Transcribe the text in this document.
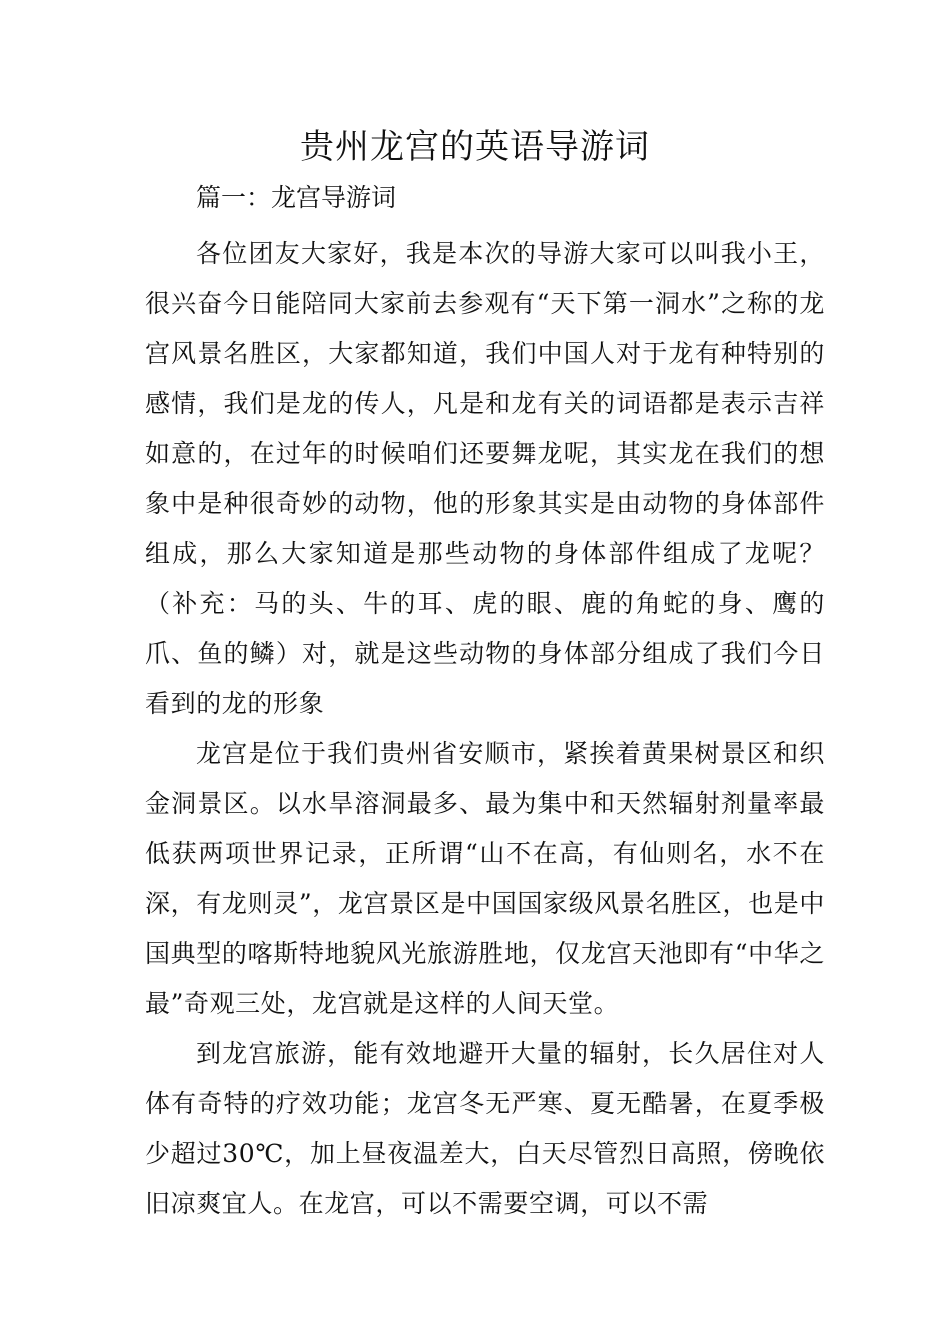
贵州龙宫的英语导游词
篇一：龙宫导游词

各位团友大家好，我是本次的导游大家可以叫我小王，很兴奋今日能陪同大家前去参观有“天下第一洞水”之称的龙宫风景名胜区，大家都知道，我们中国人对于龙有种特别的感情，我们是龙的传人，凡是和龙有关的词语都是表示吉祥如意的，在过年的时候咱们还要舞龙呢，其实龙在我们的想象中是种很奇妙的动物，他的形象其实是由动物的身体部件组成，那么大家知道是那些动物的身体部件组成了龙呢？（补充：马的头、牛的耳、虎的眼、鹿的角蛇的身、鹰的爪、鱼的鳞）对，就是这些动物的身体部分组成了我们今日看到的龙的形象

龙宫是位于我们贵州省安顺市，紧挨着黄果树景区和织金洞景区。以水旱溶洞最多、最为集中和天然辐射剂量率最低获两项世界记录，正所谓“山不在高，有仙则名，水不在深，有龙则灵”，龙宫景区是中国国家级风景名胜区，也是中国典型的喀斯特地貌风光旅游胜地，仅龙宫天池即有“中华之最”奇观三处，龙宫就是这样的人间天堂。

到龙宫旅游，能有效地避开大量的辐射，长久居住对人体有奇特的疗效功能；龙宫冬无严寒、夏无酷暑，在夏季极少超过30℃，加上昼夜温差大，白天尽管烈日高照，傍晚依旧凉爽宜人。在龙宫，可以不需要空调，可以不需
